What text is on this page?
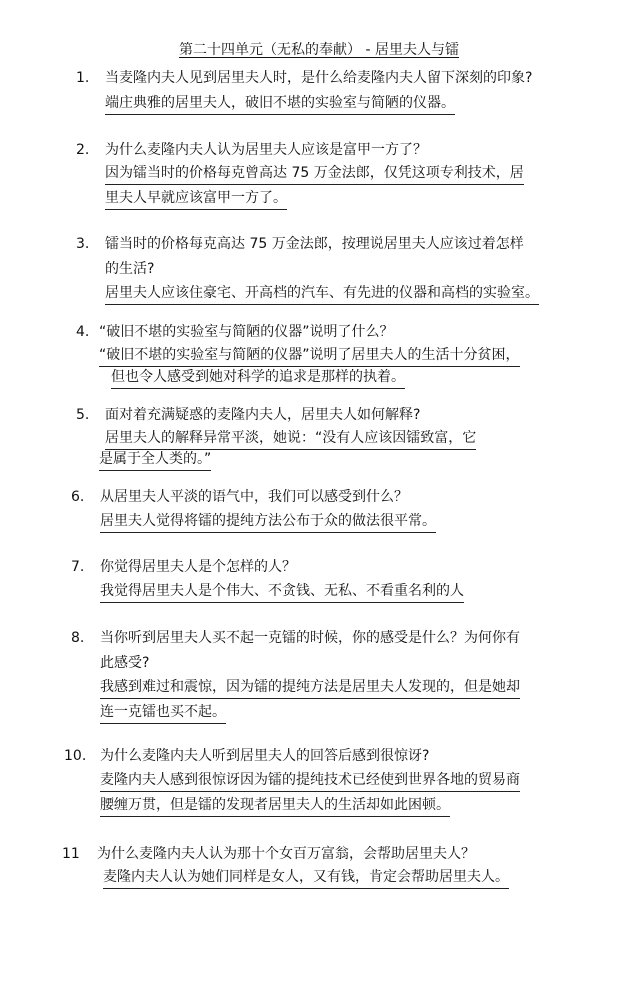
第二十四单元（无私的奉献） - 居里夫人与镭
1. 当麦隆内夫人见到居里夫人时，是什么给麦隆内夫人留下深刻的印象?
端庄典雅的居里夫人，破旧不堪的实验室与简陋的仪器。
2. 为什么麦隆内夫人认为居里夫人应该是富甲一方了？
因为镭当时的价格每克曾高达 75 万金法郎，仅凭这项专利技术，居
里夫人早就应该富甲一方了。
3. 镭当时的价格每克高达 75 万金法郎，按理说居里夫人应该过着怎样
的生活?
居里夫人应该住豪宅、开高档的汽车、有先进的仪器和高档的实验室。
4. “破旧不堪的实验室与简陋的仪器”说明了什么？
“破旧不堪的实验室与简陋的仪器”说明了居里夫人的生活十分贫困，
但也令人感受到她对科学的追求是那样的执着。
5. 面对着充满疑惑的麦隆内夫人，居里夫人如何解释?
居里夫人的解释异常平淡，她说：“没有人应该因镭致富，它
是属于全人类的。”
6. 从居里夫人平淡的语气中，我们可以感受到什么？
居里夫人觉得将镭的提纯方法公布于众的做法很平常。
7. 你觉得居里夫人是个怎样的人？
我觉得居里夫人是个伟大、不贪钱、无私、不看重名利的人
8. 当你听到居里夫人买不起一克镭的时候，你的感受是什么？为何你有
此感受?
我感到难过和震惊，因为镭的提纯方法是居里夫人发现的，但是她却
连一克镭也买不起。
10. 为什么麦隆内夫人听到居里夫人的回答后感到很惊讶?
麦隆内夫人感到很惊讶因为镭的提纯技术已经使到世界各地的贸易商
腰缠万贯，但是镭的发现者居里夫人的生活却如此困顿。
11 为什么麦隆内夫人认为那十个女百万富翁，会帮助居里夫人？
麦隆内夫人认为她们同样是女人，又有钱，肯定会帮助居里夫人。
